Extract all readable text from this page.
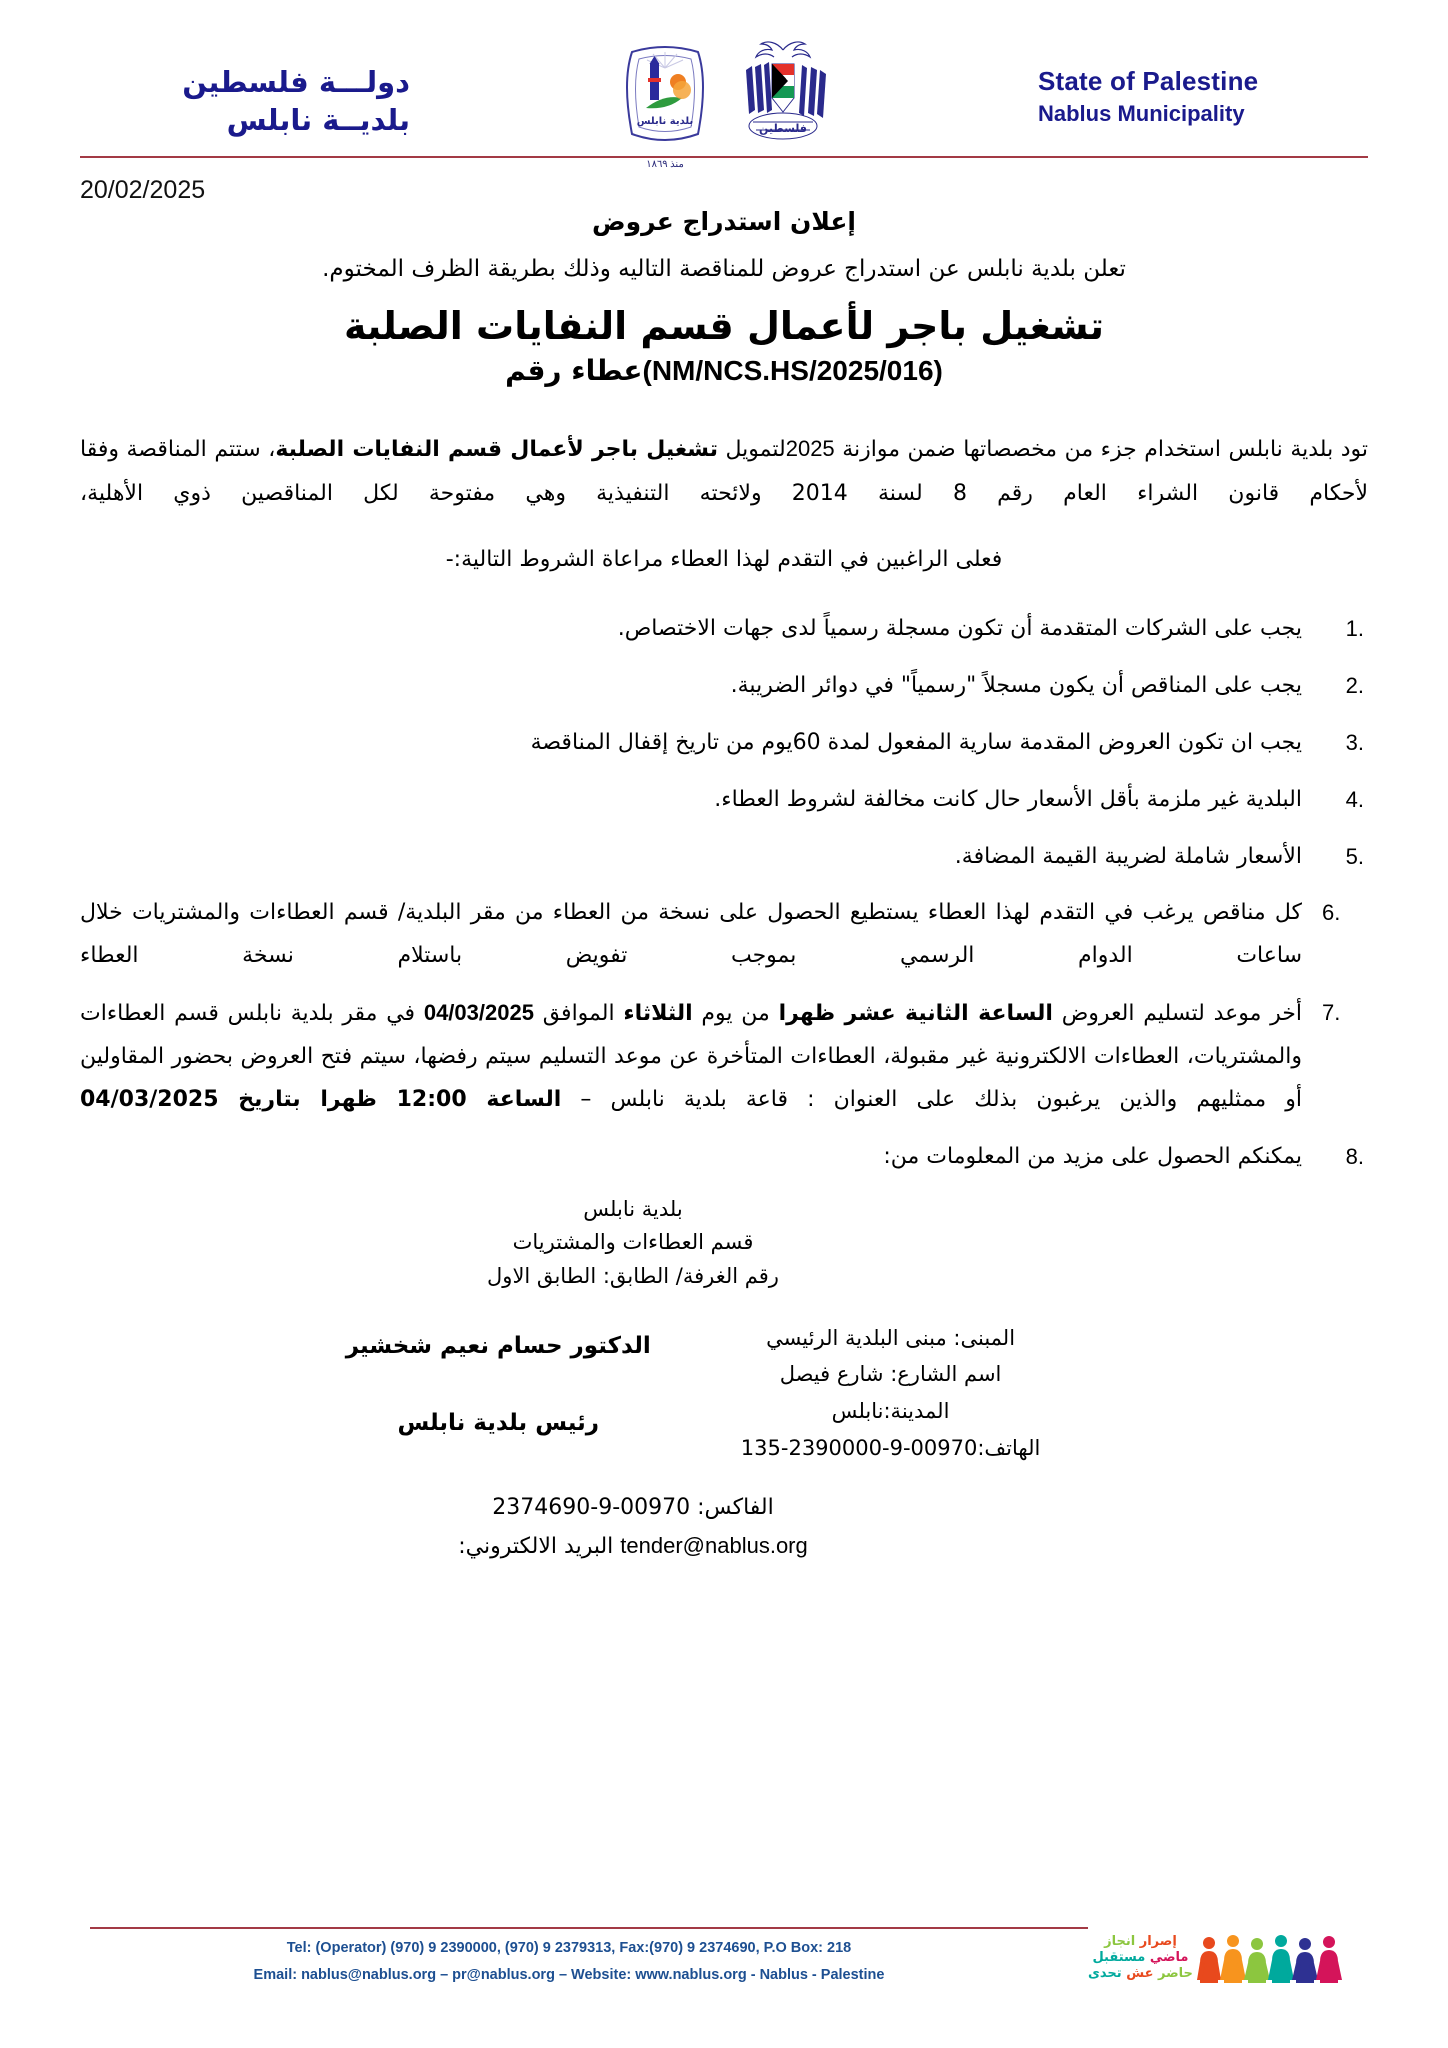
دولـــة فلسطين
بلديــة نابلس	فلسطين
بلدية نابلس
منذ ١٨٦٩
State of Palestine
Nablus Municipality
20/02/2025
إعلان استدراج عروض
تعلن بلدية نابلس عن استدراج عروض للمناقصة التاليه وذلك بطريقة الظرف المختوم.
تشغيل باجر لأعمال قسم النفايات الصلبة
(NM/NCS.HS/2025/016)عطاء رقم
تود بلدية نابلس استخدام جزء من مخصصاتها ضمن موازنة 2025لتمويل تشغيل باجر لأعمال قسم النفايات الصلبة، ستتم المناقصة وفقا لأحكام قانون الشراء العام رقم 8 لسنة 2014 ولائحته التنفيذية وهي مفتوحة لكل المناقصين ذوي الأهلية،
فعلى الراغبين في التقدم لهذا العطاء مراعاة الشروط التالية:-
يجب على الشركات المتقدمة أن تكون مسجلة رسمياً لدى جهات الاختصاص.
يجب على المناقص أن يكون مسجلاً "رسمياً" في دوائر الضريبة.
يجب ان تكون العروض المقدمة سارية المفعول لمدة 60يوم من تاريخ إقفال المناقصة
البلدية غير ملزمة بأقل الأسعار حال كانت مخالفة لشروط العطاء.
الأسعار شاملة لضريبة القيمة المضافة.
كل مناقص يرغب في التقدم لهذا العطاء يستطيع الحصول على نسخة من العطاء من مقر البلدية/ قسم العطاءات والمشتريات خلال ساعات الدوام الرسمي بموجب تفويض باستلام نسخة العطاء
أخر موعد لتسليم العروض الساعة الثانية عشر ظهرا من يوم الثلاثاء الموافق 04/03/2025 في مقر بلدية نابلس قسم العطاءات والمشتريات، العطاءات الالكترونية غير مقبولة، العطاءات المتأخرة عن موعد التسليم سيتم رفضها، سيتم فتح العروض بحضور المقاولين أو ممثليهم والذين يرغبون بذلك على العنوان : قاعة بلدية نابلس – الساعة 12:00 ظهرا بتاريخ 04/03/2025
يمكنكم الحصول على مزيد من المعلومات من:
بلدية نابلس
قسم العطاءات والمشتريات
رقم الغرفة/ الطابق: الطابق الاول
المبنى: مبنى البلدية الرئيسي
اسم الشارع: شارع فيصل
المدينة:نابلس
الهاتف:00970-9-2390000-135
الدكتور حسام نعيم شخشير
رئيس بلدية نابلس
الفاكس: 00970-9-2374690
tender@nablus.org البريد الالكتروني:
Tel: (Operator) (970) 9 2390000, (970) 9 2379313, Fax:(970) 9 2374690, P.O Box: 218
Email: nablus@nablus.org – pr@nablus.org – Website: www.nablus.org - Nablus - Palestine
إصرار انجاز
ماضي مستقبل
حاضر عش تحدى
